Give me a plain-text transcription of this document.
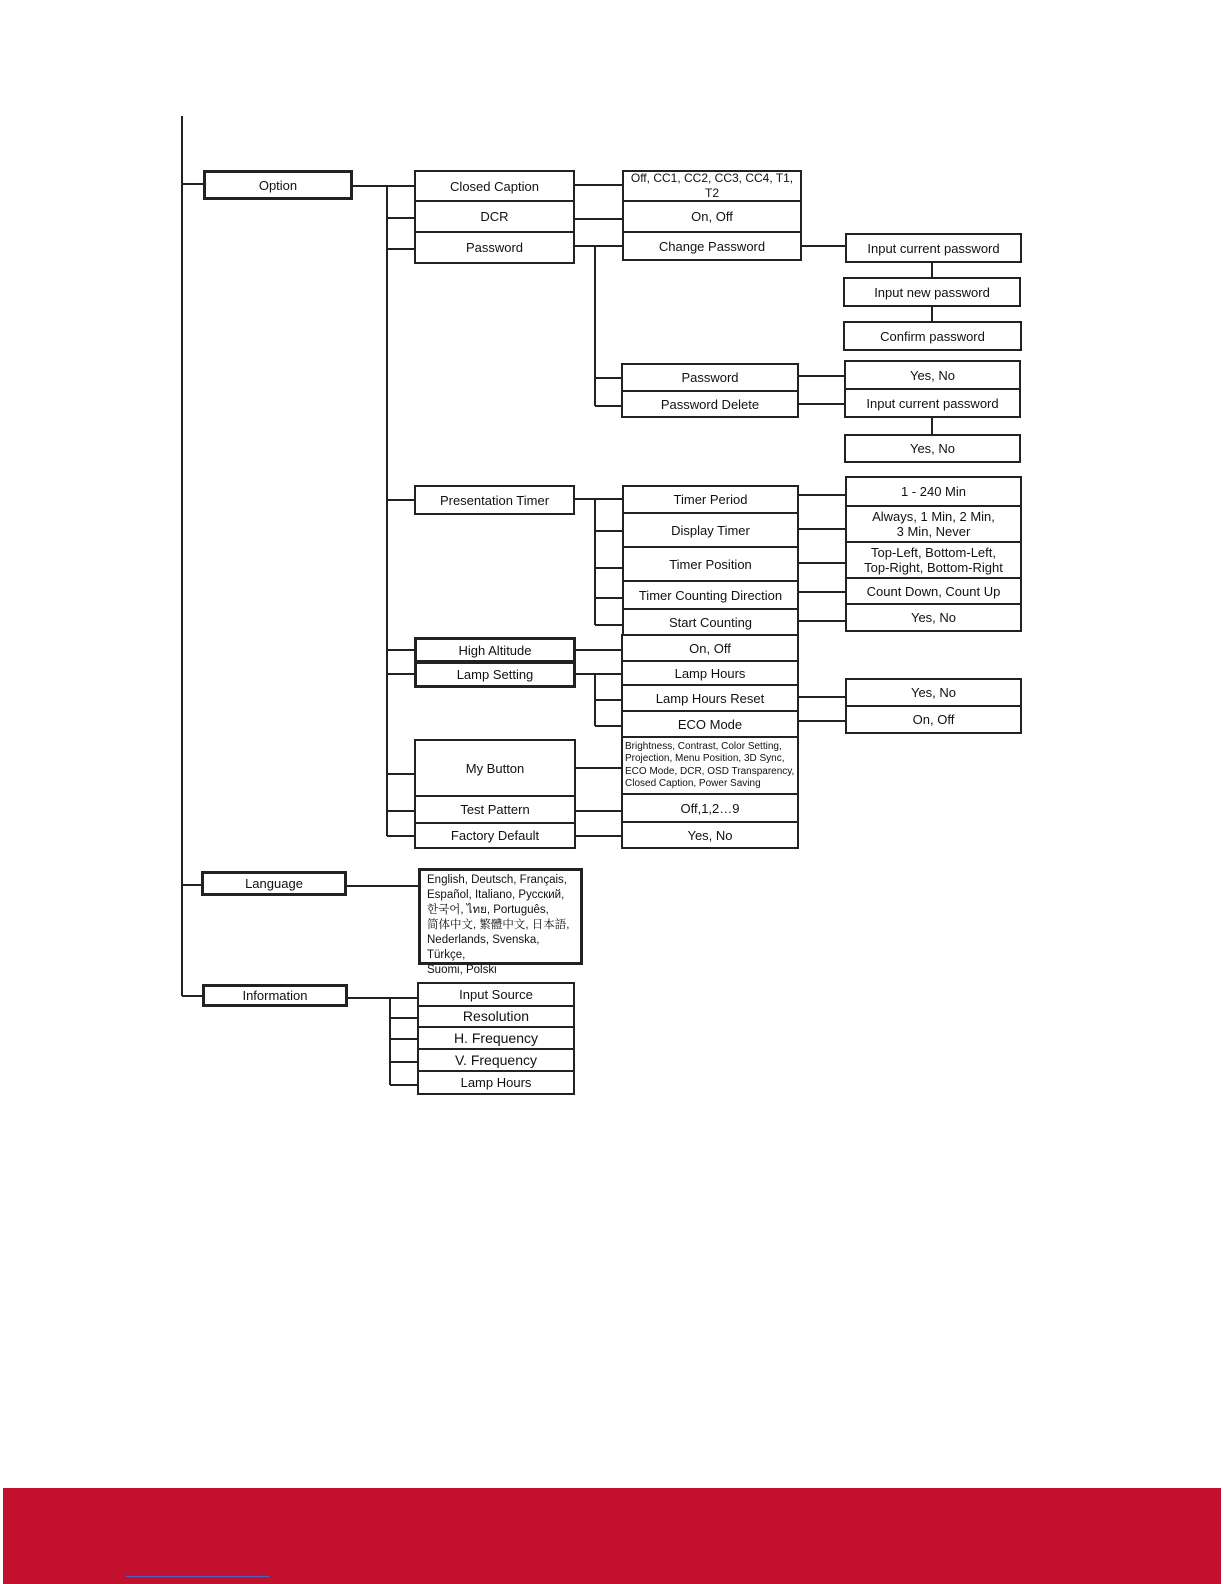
Option
Language
Information
Closed Caption
DCR
Password
Presentation Timer
High Altitude
Lamp Setting
My Button
Test Pattern
Factory Default
Off, CC1, CC2, CC3, CC4, T1, T2
On, Off
Change Password
Password
Password Delete
Input current password
Input new password
Confirm password
Yes, No
Input current password
Yes, No
Timer Period
Display Timer
Timer Position
Timer Counting Direction
Start Counting
1 - 240 Min
Always, 1 Min, 2 Min,
3 Min, Never
Top-Left, Bottom-Left,
Top-Right, Bottom-Right
Count Down, Count Up
Yes, No
On, Off
Lamp Hours
Lamp Hours Reset
ECO Mode
Yes, No
On, Off
Brightness, Contrast, Color Setting,
Projection, Menu Position, 3D Sync,
ECO Mode, DCR, OSD Transparency,
Closed Caption, Power Saving
Off,1,2…9
Yes, No
English, Deutsch, Français,
Español, Italiano, Русский,
한국어, ไทย, Português,
简体中文, 繁體中文, 日本語,
Nederlands, Svenska, Türkçe,
Suomi, Polski
Input Source
Resolution
H. Frequency
V. Frequency
Lamp Hours
